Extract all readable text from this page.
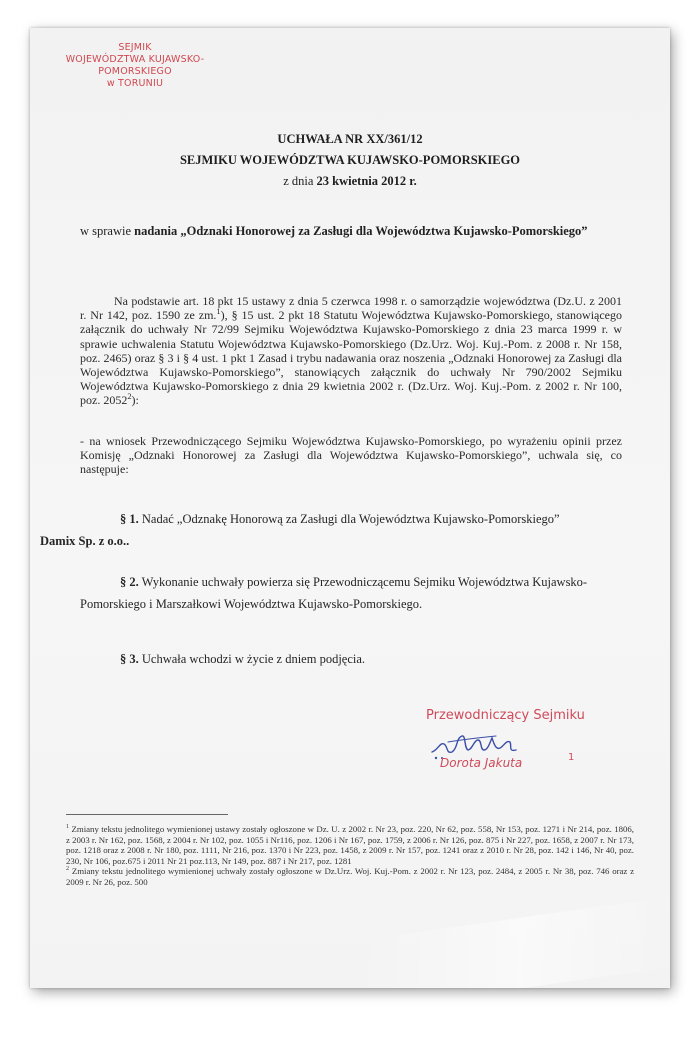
SEJMIK
WOJEWÓDZTWA KUJAWSKO-POMORSKIEGO
w TORUNIU
UCHWAŁA NR XX/361/12
SEJMIKU WOJEWÓDZTWA KUJAWSKO-POMORSKIEGO
z dnia 23 kwietnia 2012 r.
w sprawie nadania „Odznaki Honorowej za Zasługi dla Województwa Kujawsko-Pomorskiego”
Na podstawie art. 18 pkt 15 ustawy z dnia 5 czerwca 1998 r. o samorządzie województwa (Dz.U. z 2001 r. Nr 142, poz. 1590 ze zm.$^1$), § 15 ust. 2 pkt 18 Statutu Województwa Kujawsko-Pomorskiego, stanowiącego załącznik do uchwały Nr 72/99 Sejmiku Województwa Kujawsko-Pomorskiego z dnia 23 marca 1999 r. w sprawie uchwalenia Statutu Województwa Kujawsko-Pomorskiego (Dz.Urz. Woj. Kuj.-Pom. z 2008 r. Nr 158, poz. 2465) oraz § 3 i § 4 ust. 1 pkt 1 Zasad i trybu nadawania oraz noszenia „Odznaki Honorowej za Zasługi dla Województwa Kujawsko-Pomorskiego”, stanowiących załącznik do uchwały Nr 790/2002 Sejmiku Województwa Kujawsko-Pomorskiego z dnia 29 kwietnia 2002 r. (Dz.Urz. Woj. Kuj.-Pom. z 2002 r. Nr 100, poz. 2052$^2$):
- na wniosek Przewodniczącego Sejmiku Województwa Kujawsko-Pomorskiego, po wyrażeniu opinii przez Komisję „Odznaki Honorowej za Zasługi dla Województwa Kujawsko-Pomorskiego”, uchwala się, co następuje:
§ 1. Nadać „Odznakę Honorową za Zasługi dla Województwa Kujawsko-Pomorskiego”
Damix Sp. z o.o..
§ 2. Wykonanie uchwały powierza się Przewodniczącemu Sejmiku Województwa Kujawsko-Pomorskiego i Marszałkowi Województwa Kujawsko-Pomorskiego.
§ 3. Uchwała wchodzi w życie z dniem podjęcia.
Przewodniczący Sejmiku
Dorota Jakuta	1

$^1$ Zmiany tekstu jednolitego wymienionej ustawy zostały ogłoszone w Dz. U. z 2002 r. Nr 23, poz. 220, Nr 62, poz. 558, Nr 153, poz. 1271 i Nr 214, poz. 1806, z 2003 r. Nr 162, poz. 1568, z 2004 r. Nr 102, poz. 1055 i Nr116, poz. 1206 i Nr 167, poz. 1759, z 2006 r. Nr 126, poz. 875 i Nr 227, poz. 1658, z 2007 r. Nr 173, poz. 1218 oraz z 2008 r. Nr 180, poz. 1111, Nr 216, poz. 1370 i Nr 223, poz. 1458, z 2009 r. Nr 157, poz. 1241 oraz z 2010 r. Nr 28, poz. 142 i 146, Nr 40, poz. 230, Nr 106, poz.675 i 2011 Nr 21 poz.113, Nr 149, poz. 887 i Nr 217, poz. 1281

$^2$ Zmiany tekstu jednolitego wymienionej uchwały zostały ogłoszone w Dz.Urz. Woj. Kuj.-Pom. z 2002 r. Nr 123, poz. 2484, z 2005 r. Nr 38, poz. 746 oraz z 2009 r. Nr 26, poz. 500
